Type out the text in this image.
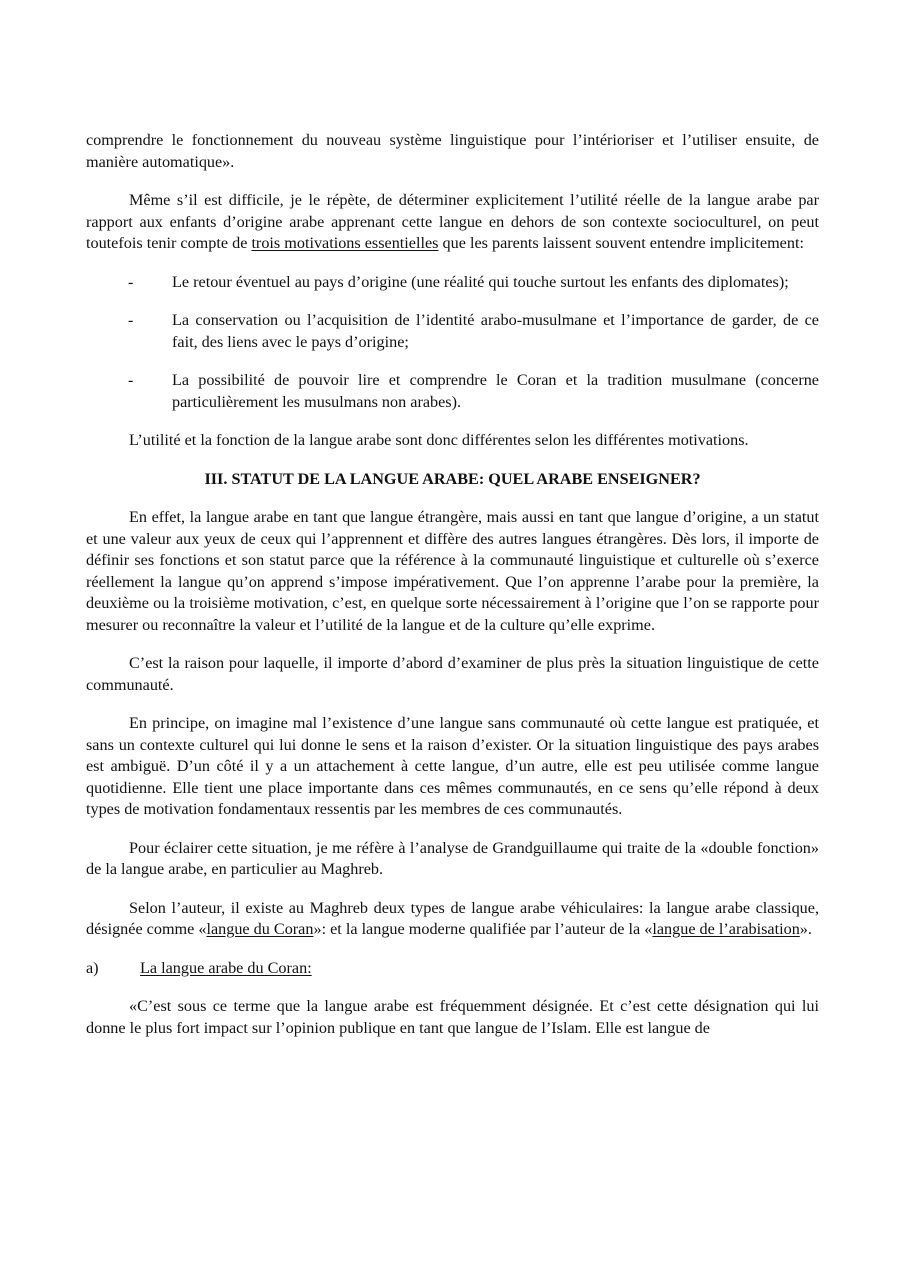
comprendre le fonctionnement du nouveau système linguistique pour l’intérioriser et l’utiliser ensuite, de manière automatique».

Même s’il est difficile, je le répète, de déterminer explicitement l’utilité réelle de la langue arabe par rapport aux enfants d’origine arabe apprenant cette langue en dehors de son contexte socioculturel, on peut toutefois tenir compte de trois motivations essentielles que les parents laissent souvent entendre implicitement:

-	Le retour éventuel au pays d’origine (une réalité qui touche surtout les enfants des diplomates);
-	La conservation ou l’acquisition de l’identité arabo-musulmane et l’importance de garder, de ce fait, des liens avec le pays d’origine;
-	La possibilité de pouvoir lire et comprendre le Coran et la tradition musulmane (concerne particulièrement les musulmans non arabes).

L’utilité et la fonction de la langue arabe sont donc différentes selon les différentes motivations.

III. STATUT DE LA LANGUE ARABE: QUEL ARABE ENSEIGNER?

En effet, la langue arabe en tant que langue étrangère, mais aussi en tant que langue d’origine, a un statut et une valeur aux yeux de ceux qui l’apprennent et diffère des autres langues étrangères. Dès lors, il importe de définir ses fonctions et son statut parce que la référence à la communauté linguistique et culturelle où s’exerce réellement la langue qu’on apprend s’impose impérativement. Que l’on apprenne l’arabe pour la première, la deuxième ou la troisième motivation, c’est, en quelque sorte nécessairement à l’origine que l’on se rapporte pour mesurer ou reconnaître la valeur et l’utilité de la langue et de la culture qu’elle exprime.

C’est la raison pour laquelle, il importe d’abord d’examiner de plus près la situation linguistique de cette communauté.

En principe, on imagine mal l’existence d’une langue sans communauté où cette langue est pratiquée, et sans un contexte culturel qui lui donne le sens et la raison d’exister. Or la situation linguistique des pays arabes est ambiguë. D’un côté il y a un attachement à cette langue, d’un autre, elle est peu utilisée comme langue quotidienne. Elle tient une place importante dans ces mêmes communautés, en ce sens qu’elle répond à deux types de motivation fondamentaux ressentis par les membres de ces communautés.

Pour éclairer cette situation, je me réfère à l’analyse de Grandguillaume qui traite de la «double fonction» de la langue arabe, en particulier au Maghreb.

Selon l’auteur, il existe au Maghreb deux types de langue arabe véhiculaires: la langue arabe classique, désignée comme «langue du Coran»: et la langue moderne qualifiée par l’auteur de la «langue de l’arabisation».

a)	La langue arabe du Coran:

«C’est sous ce terme que la langue arabe est fréquemment désignée. Et c’est cette désignation qui lui donne le plus fort impact sur l’opinion publique en tant que langue de l’Islam. Elle est langue de
